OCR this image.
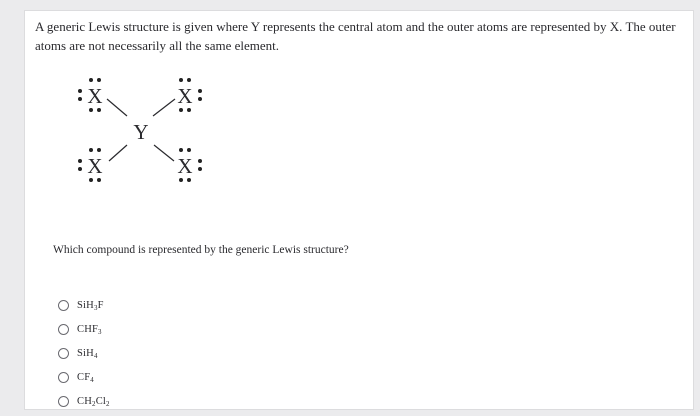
A generic Lewis structure is given where Y represents the central atom and the outer atoms are represented by X. The outer atoms are not necessarily all the same element.
Y
X	X
X	X
Which compound is represented by the generic Lewis structure?
SiH$_3$F
$CHF_3$
SiH$_4$
$CF_4$
$CH_2Cl_2$
